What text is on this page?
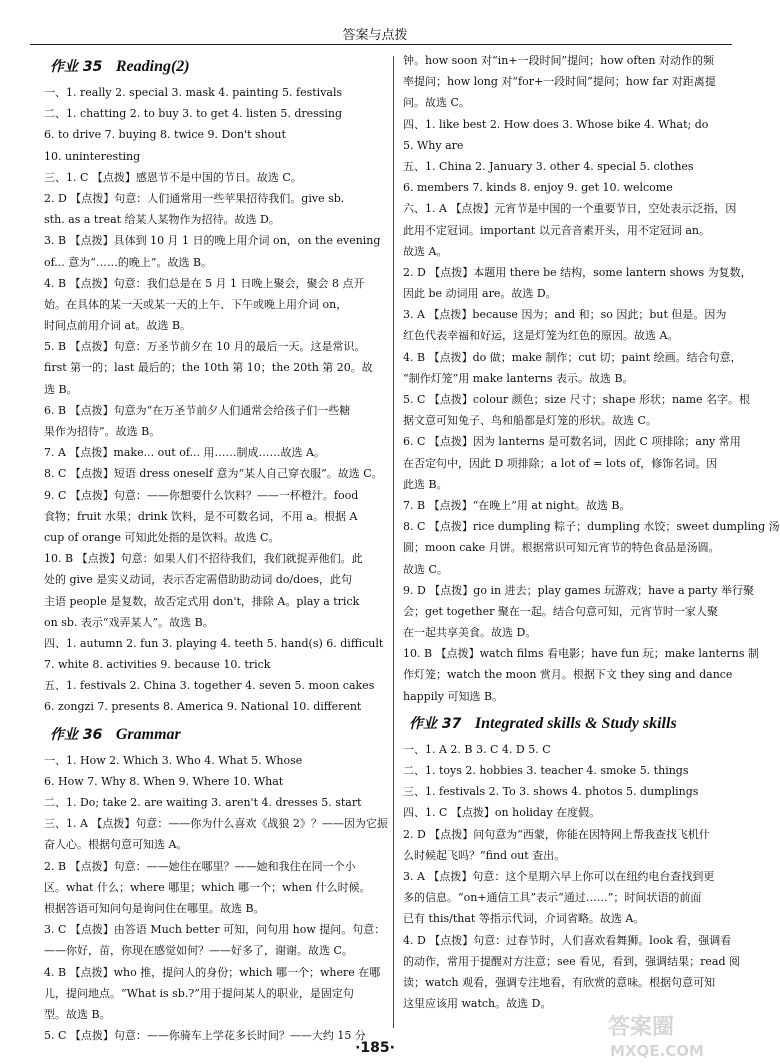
答案与点拨
作业 35 Reading(2)
一、1. really 2. special 3. mask 4. painting 5. festivals
二、1. chatting 2. to buy 3. to get 4. listen 5. dressing
6. to drive 7. buying 8. twice 9. Don't shout
10. uninteresting
三、1. C 【点拨】感恩节不是中国的节日。故选 C。
2. D 【点拨】句意：人们通常用一些苹果招待我们。give sb.
sth. as a treat 给某人某物作为招待。故选 D。
3. B 【点拨】具体到 10 月 1 日的晚上用介词 on，on the evening
of... 意为“……的晚上”。故选 B。
4. B 【点拨】句意：我们总是在 5 月 1 日晚上聚会，聚会 8 点开
始。在具体的某一天或某一天的上午、下午或晚上用介词 on，
时间点前用介词 at。故选 B。
5. B 【点拨】句意：万圣节前夕在 10 月的最后一天。这是常识。
first 第一的；last 最后的；the 10th 第 10；the 20th 第 20。故
选 B。
6. B 【点拨】句意为“在万圣节前夕人们通常会给孩子们一些糖
果作为招待”。故选 B。
7. A 【点拨】make... out of... 用……制成……故选 A。
8. C 【点拨】短语 dress oneself 意为“某人自己穿衣服”。故选 C。
9. C 【点拨】句意：——你想要什么饮料？——一杯橙汁。food
食物；fruit 水果；drink 饮料，是不可数名词，不用 a。根据 A
cup of orange 可知此处指的是饮料。故选 C。
10. B 【点拨】句意：如果人们不招待我们，我们就捉弄他们。此
处的 give 是实义动词，表示否定需借助助动词 do/does，此句
主语 people 是复数，故否定式用 don't，排除 A。play a trick
on sb. 表示“戏弄某人”。故选 B。
四、1. autumn 2. fun 3. playing 4. teeth 5. hand(s) 6. difficult
7. white 8. activities 9. because 10. trick
五、1. festivals 2. China 3. together 4. seven 5. moon cakes
6. zongzi 7. presents 8. America 9. National 10. different
作业 36 Grammar
一、1. How 2. Which 3. Who 4. What 5. Whose
6. How 7. Why 8. When 9. Where 10. What
二、1. Do; take 2. are waiting 3. aren't 4. dresses 5. start
三、1. A 【点拨】句意：——你为什么喜欢《战狼 2》？——因为它振
奋人心。根据句意可知选 A。
2. B 【点拨】句意：——她住在哪里？——她和我住在同一个小
区。what 什么；where 哪里；which 哪一个；when 什么时候。
根据答语可知问句是询问住在哪里。故选 B。
3. C 【点拨】由答语 Much better 可知，问句用 how 提问。句意：
——你好，苗，你现在感觉如何？——好多了，谢谢。故选 C。
4. B 【点拨】who 推，提问人的身份；which 哪一个；where 在哪
儿，提问地点。“What is sb.?”用于提问某人的职业，是固定句
型。故选 B。
5. C 【点拨】句意：——你骑车上学花多长时间？——大约 15 分
钟。how soon 对“in+一段时间”提问；how often 对动作的频
率提问；how long 对“for+一段时间”提问；how far 对距离提
问。故选 C。
四、1. like best 2. How does 3. Whose bike 4. What; do
5. Why are
五、1. China 2. January 3. other 4. special 5. clothes
6. members 7. kinds 8. enjoy 9. get 10. welcome
六、1. A 【点拨】元宵节是中国的一个重要节日，空处表示泛指，因
此用不定冠词。important 以元音音素开头，用不定冠词 an。
故选 A。
2. D 【点拨】本题用 there be 结构，some lantern shows 为复数，
因此 be 动词用 are。故选 D。
3. A 【点拨】because 因为；and 和；so 因此；but 但是。因为
红色代表幸福和好运，这是灯笼为红色的原因。故选 A。
4. B 【点拨】do 做；make 制作；cut 切；paint 绘画。结合句意，
“制作灯笼”用 make lanterns 表示。故选 B。
5. C 【点拨】colour 颜色；size 尺寸；shape 形状；name 名字。根
据文意可知兔子、鸟和船都是灯笼的形状。故选 C。
6. C 【点拨】因为 lanterns 是可数名词，因此 C 项排除；any 常用
在否定句中，因此 D 项排除；a lot of = lots of，修饰名词。因
此选 B。
7. B 【点拨】“在晚上”用 at night。故选 B。
8. C 【点拨】rice dumpling 粽子；dumpling 水饺；sweet dumpling 汤
圆；moon cake 月饼。根据常识可知元宵节的特色食品是汤圆。
故选 C。
9. D 【点拨】go in 进去；play games 玩游戏；have a party 举行聚
会；get together 聚在一起。结合句意可知，元宵节时一家人聚
在一起共享美食。故选 D。
10. B 【点拨】watch films 看电影；have fun 玩；make lanterns 制
作灯笼；watch the moon 赏月。根据下文 they sing and dance
happily 可知选 B。
作业 37 Integrated skills & Study skills
一、1. A 2. B 3. C 4. D 5. C
二、1. toys 2. hobbies 3. teacher 4. smoke 5. things
三、1. festivals 2. To 3. shows 4. photos 5. dumplings
四、1. C 【点拨】on holiday 在度假。
2. D 【点拨】问句意为“西蒙，你能在因特网上帮我查找飞机什
么时候起飞吗？”find out 查出。
3. A 【点拨】句意：这个星期六早上你可以在纽约电台查找到更
多的信息。“on+通信工具”表示“通过……”；时间状语的前面
已有 this/that 等指示代词，介词省略。故选 A。
4. D 【点拨】句意：过春节时，人们喜欢看舞狮。look 看，强调看
的动作，常用于提醒对方注意；see 看见，看到，强调结果；read 阅
读；watch 观看，强调专注地看，有欣赏的意味。根据句意可知
这里应该用 watch。故选 D。
·185·
答案圈
MXQE.COM
